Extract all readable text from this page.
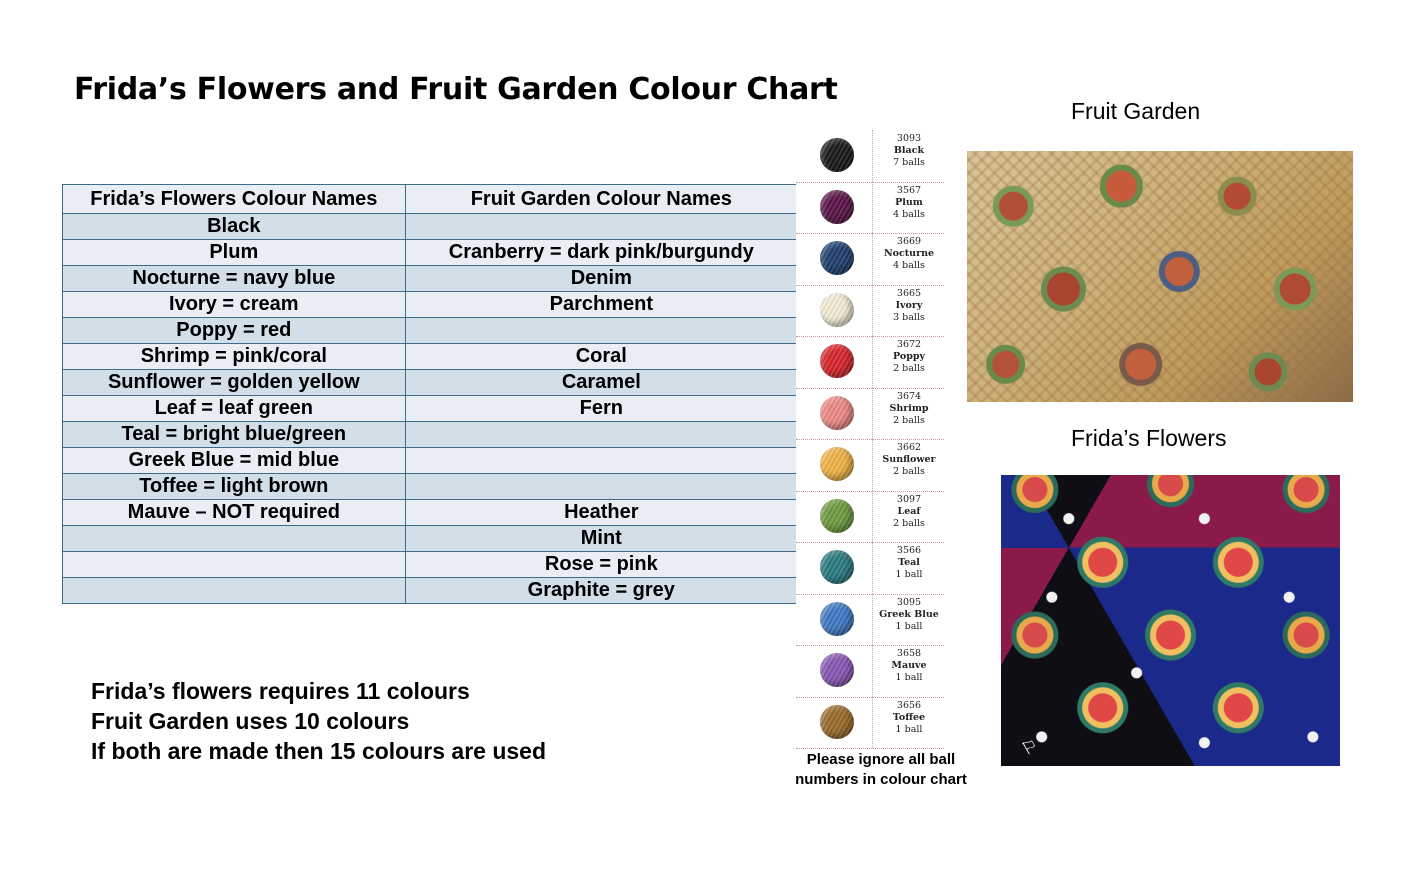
Frida’s Flowers and Fruit Garden Colour Chart
Frida’s Flowers Colour Names	Fruit Garden Colour Names
Black	
Plum	Cranberry = dark pink/burgundy
Nocturne = navy blue	Denim
Ivory = cream	Parchment
Poppy = red	
Shrimp = pink/coral	Coral
Sunflower = golden yellow	Caramel
Leaf = leaf green	Fern
Teal = bright blue/green	
Greek Blue = mid blue	
Toffee = light brown	
Mauve – NOT required	Heather
	Mint
	Rose = pink
	Graphite = grey
Frida’s flowers requires 11 colours
Fruit Garden uses 10 colours
If both are made then 15 colours are used
3093
Black
7 balls
3567
Plum
4 balls
3669
Nocturne
4 balls
3665
Ivory
3 balls
3672
Poppy
2 balls
3674
Shrimp
2 balls
3662
Sunflower
2 balls
3097
Leaf
2 balls
3566
Teal
1 ball
3095
Greek Blue
1 ball
3658
Mauve
1 ball
3656
Toffee
1 ball
Please ignore all ball numbers in colour chart
Fruit Garden
Frida’s Flowers
⚐
